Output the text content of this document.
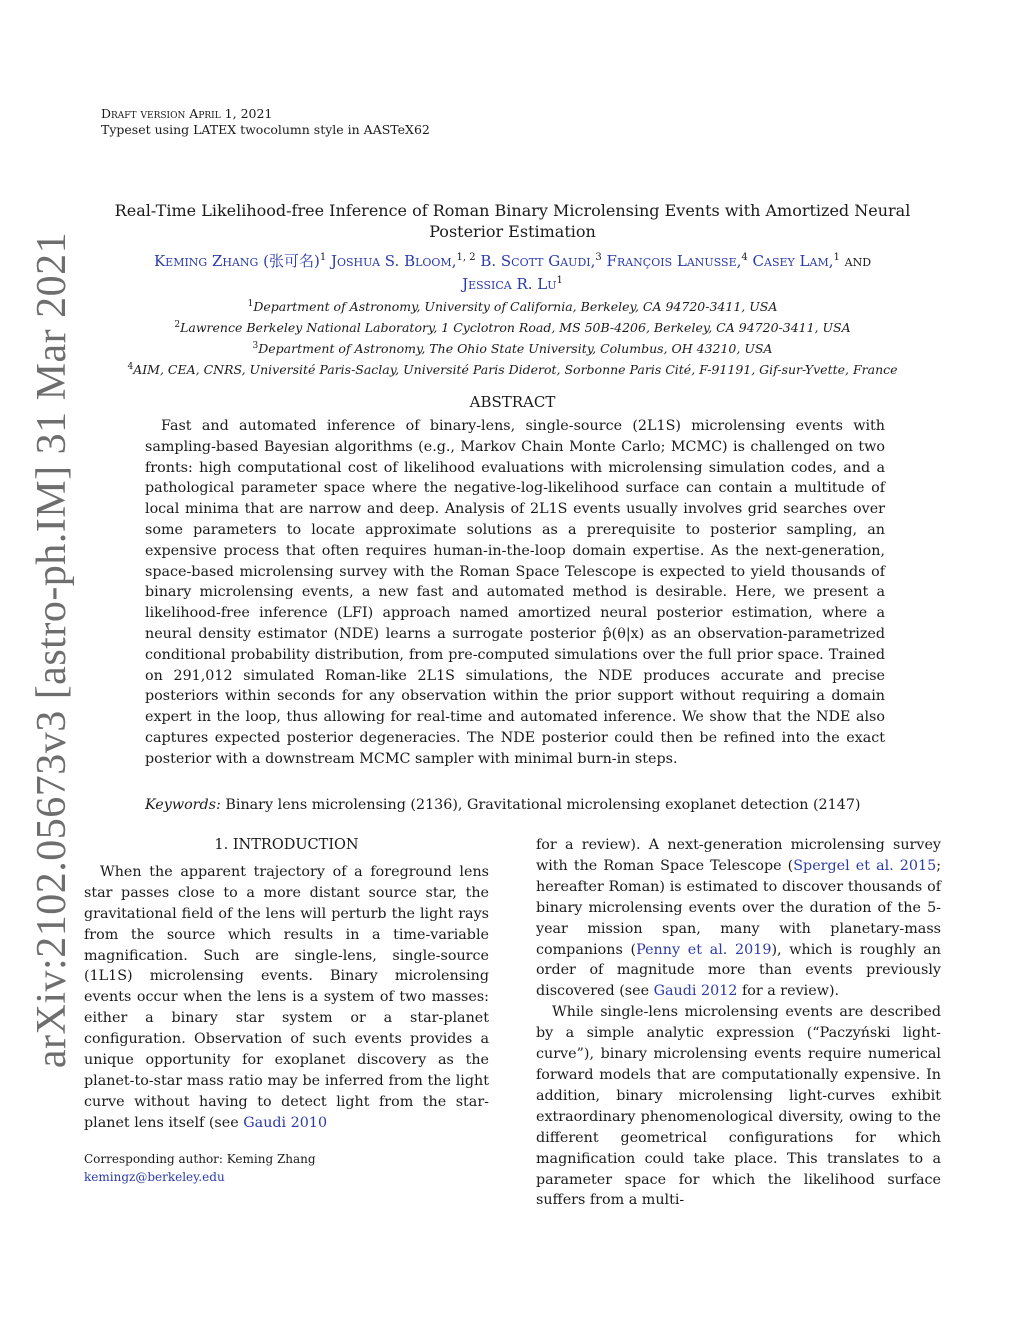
Draft version April 1, 2021
Typeset using LATEX twocolumn style in AASTeX62
arXiv:2102.05673v3 [astro-ph.IM] 31 Mar 2021
Real-Time Likelihood-free Inference of Roman Binary Microlensing Events with Amortized Neural Posterior Estimation
Keming Zhang (张可名)$^1$ Joshua S. Bloom,$^{1, 2}$ B. Scott Gaudi,$^3$ François Lanusse,$^4$ Casey Lam,$^1$ and
Jessica R. Lu$^1$
$^1$Department of Astronomy, University of California, Berkeley, CA 94720-3411, USA
$^2$Lawrence Berkeley National Laboratory, 1 Cyclotron Road, MS 50B-4206, Berkeley, CA 94720-3411, USA
$^3$Department of Astronomy, The Ohio State University, Columbus, OH 43210, USA
$^4$AIM, CEA, CNRS, Université Paris-Saclay, Université Paris Diderot, Sorbonne Paris Cité, F-91191, Gif-sur-Yvette, France
ABSTRACT

Fast and automated inference of binary-lens, single-source (2L1S) microlensing events with sampling-based Bayesian algorithms (e.g., Markov Chain Monte Carlo; MCMC) is challenged on two fronts: high computational cost of likelihood evaluations with microlensing simulation codes, and a pathological parameter space where the negative-log-likelihood surface can contain a multitude of local minima that are narrow and deep. Analysis of 2L1S events usually involves grid searches over some parameters to locate approximate solutions as a prerequisite to posterior sampling, an expensive process that often requires human-in-the-loop domain expertise. As the next-generation, space-based microlensing survey with the Roman Space Telescope is expected to yield thousands of binary microlensing events, a new fast and automated method is desirable. Here, we present a likelihood-free inference (LFI) approach named amortized neural posterior estimation, where a neural density estimator (NDE) learns a surrogate posterior p̂(θ|x) as an observation-parametrized conditional probability distribution, from pre-computed simulations over the full prior space. Trained on 291,012 simulated Roman-like 2L1S simulations, the NDE produces accurate and precise posteriors within seconds for any observation within the prior support without requiring a domain expert in the loop, thus allowing for real-time and automated inference. We show that the NDE also captures expected posterior degeneracies. The NDE posterior could then be refined into the exact posterior with a downstream MCMC sampler with minimal burn-in steps.

Keywords: Binary lens microlensing (2136), Gravitational microlensing exoplanet detection (2147)
1. INTRODUCTION

When the apparent trajectory of a foreground lens star passes close to a more distant source star, the gravitational field of the lens will perturb the light rays from the source which results in a time-variable magnification. Such are single-lens, single-source (1L1S) microlensing events. Binary microlensing events occur when the lens is a system of two masses: either a binary star system or a star-planet configuration. Observation of such events provides a unique opportunity for exoplanet discovery as the planet-to-star mass ratio may be inferred from the light curve without having to detect light from the star-planet lens itself (see Gaudi 2010

for a review). A next-generation microlensing survey with the Roman Space Telescope (Spergel et al. 2015; hereafter Roman) is estimated to discover thousands of binary microlensing events over the duration of the 5-year mission span, many with planetary-mass companions (Penny et al. 2019), which is roughly an order of magnitude more than events previously discovered (see Gaudi 2012 for a review).

While single-lens microlensing events are described by a simple analytic expression (“Paczyński light-curve”), binary microlensing events require numerical forward models that are computationally expensive. In addition, binary microlensing light-curves exhibit extraordinary phenomenological diversity, owing to the different geometrical configurations for which magnification could take place. This translates to a parameter space for which the likelihood surface suffers from a multi-

Corresponding author: Keming Zhang
kemingz@berkeley.edu
